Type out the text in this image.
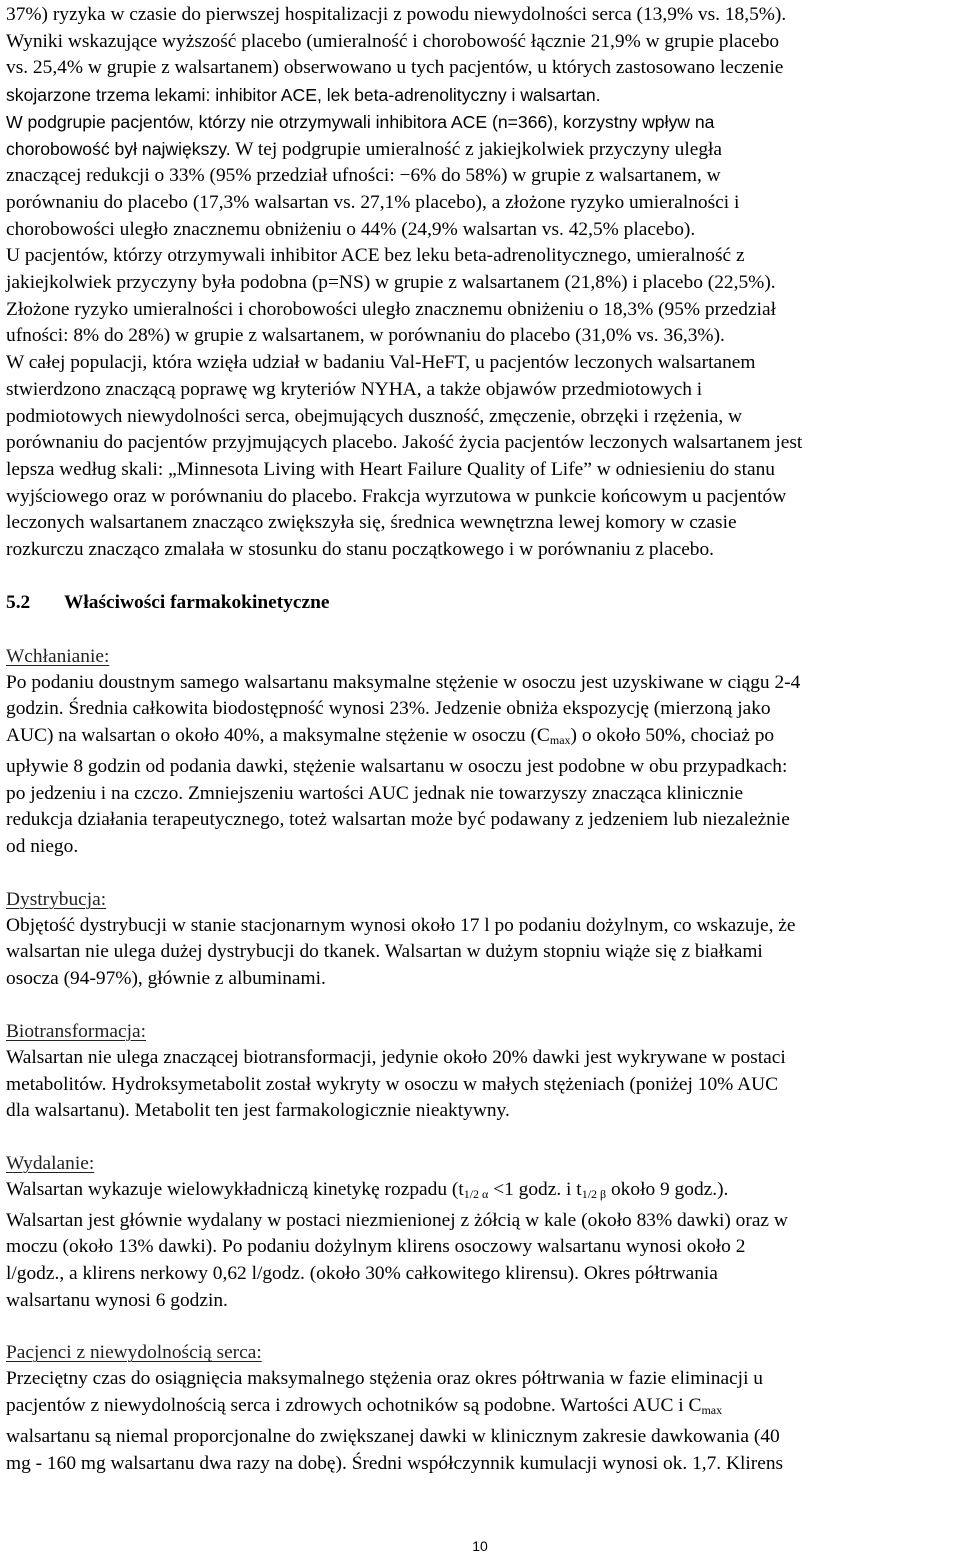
37%) ryzyka w czasie do pierwszej hospitalizacji z powodu niewydolności serca (13,9% vs. 18,5%).
Wyniki wskazujące wyższość placebo (umieralność i chorobowość łącznie 21,9% w grupie placebo
vs. 25,4% w grupie z walsartanem) obserwowano u tych pacjentów, u których zastosowano leczenie
skojarzone trzema lekami: inhibitor ACE, lek beta-adrenolityczny i walsartan.
W podgrupie pacjentów, którzy nie otrzymywali inhibitora ACE (n=366), korzystny wpływ na
chorobowość był największy. W tej podgrupie umieralność z jakiejkolwiek przyczyny uległa
znaczącej redukcji o 33% (95% przedział ufności: −6% do 58%) w grupie z walsartanem, w
porównaniu do placebo (17,3% walsartan vs. 27,1% placebo), a złożone ryzyko umieralności i
chorobowości uległo znacznemu obniżeniu o 44% (24,9% walsartan vs. 42,5% placebo).
U pacjentów, którzy otrzymywali inhibitor ACE bez leku beta-adrenolitycznego, umieralność z
jakiejkolwiek przyczyny była podobna (p=NS) w grupie z walsartanem (21,8%) i placebo (22,5%).
Złożone ryzyko umieralności i chorobowości uległo znacznemu obniżeniu o 18,3% (95% przedział
ufności: 8% do 28%) w grupie z walsartanem, w porównaniu do placebo (31,0% vs. 36,3%).
W całej populacji, która wzięła udział w badaniu Val-HeFT, u pacjentów leczonych walsartanem
stwierdzono znaczącą poprawę wg kryteriów NYHA, a także objawów przedmiotowych i
podmiotowych niewydolności serca, obejmujących duszność, zmęczenie, obrzęki i rzężenia, w
porównaniu do pacjentów przyjmujących placebo. Jakość życia pacjentów leczonych walsartanem jest
lepsza według skali: „Minnesota Living with Heart Failure Quality of Life” w odniesieniu do stanu
wyjściowego oraz w porównaniu do placebo. Frakcja wyrzutowa w punkcie końcowym u pacjentów
leczonych walsartanem znacząco zwiększyła się, średnica wewnętrzna lewej komory w czasie
rozkurczu znacząco zmalała w stosunku do stanu początkowego i w porównaniu z placebo.

5.2 Właściwości farmakokinetyczne

Wchłanianie:

Po podaniu doustnym samego walsartanu maksymalne stężenie w osoczu jest uzyskiwane w ciągu 2-4
godzin. Średnia całkowita biodostępność wynosi 23%. Jedzenie obniża ekspozycję (mierzoną jako
AUC) na walsartan o około 40%, a maksymalne stężenie w osoczu $(C_{max})$ o około 50%, chociaż po
upływie 8 godzin od podania dawki, stężenie walsartanu w osoczu jest podobne w obu przypadkach:
po jedzeniu i na czczo. Zmniejszeniu wartości AUC jednak nie towarzyszy znacząca klinicznie
redukcja działania terapeutycznego, toteż walsartan może być podawany z jedzeniem lub niezależnie
od niego.

Dystrybucja:

Objętość dystrybucji w stanie stacjonarnym wynosi około 17 l po podaniu dożylnym, co wskazuje, że
walsartan nie ulega dużej dystrybucji do tkanek. Walsartan w dużym stopniu wiąże się z białkami
osocza (94-97%), głównie z albuminami.

Biotransformacja:

Walsartan nie ulega znaczącej biotransformacji, jedynie około 20% dawki jest wykrywane w postaci
metabolitów. Hydroksymetabolit został wykryty w osoczu w małych stężeniach (poniżej 10% AUC
dla walsartanu). Metabolit ten jest farmakologicznie nieaktywny.

Wydalanie:

Walsartan wykazuje wielowykładniczą kinetykę rozpadu ($t_{1/2 \alpha} <1$ godz. i $t_{1/2 \beta}$ około 9 godz.).
Walsartan jest głównie wydalany w postaci niezmienionej z żółcią w kale (około 83% dawki) oraz w
moczu (około 13% dawki). Po podaniu dożylnym klirens osoczowy walsartanu wynosi około 2
l/godz., a klirens nerkowy 0,62 l/godz. (około 30% całkowitego klirensu). Okres półtrwania
walsartanu wynosi 6 godzin.

Pacjenci z niewydolnością serca:

Przeciętny czas do osiągnięcia maksymalnego stężenia oraz okres półtrwania w fazie eliminacji u
pacjentów z niewydolnością serca i zdrowych ochotników są podobne. Wartości AUC i $C_{max}$
walsartanu są niemal proporcjonalne do zwiększanej dawki w klinicznym zakresie dawkowania (40
mg - 160 mg walsartanu dwa razy na dobę). Średni współczynnik kumulacji wynosi ok. 1,7. Klirens

10
